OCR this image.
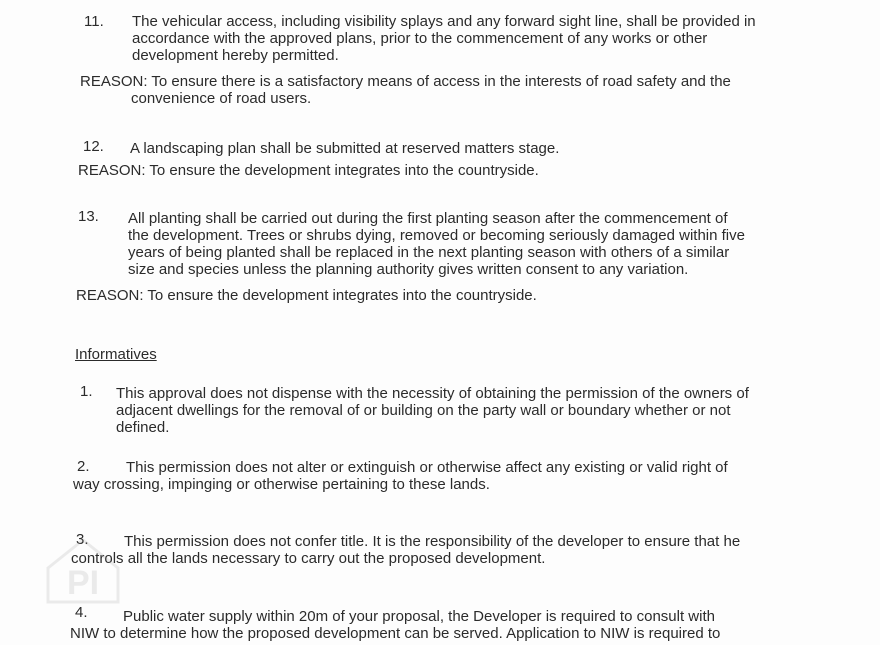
11. The vehicular access, including visibility splays and any forward sight line, shall be provided in
accordance with the approved plans, prior to the commencement of any works or other
development hereby permitted.
REASON: To ensure there is a satisfactory means of access in the interests of road safety and the
convenience of road users.
12. A landscaping plan shall be submitted at reserved matters stage.
REASON: To ensure the development integrates into the countryside.
13. All planting shall be carried out during the first planting season after the commencement of
the development. Trees or shrubs dying, removed or becoming seriously damaged within five
years of being planted shall be replaced in the next planting season with others of a similar
size and species unless the planning authority gives written consent to any variation.
REASON: To ensure the development integrates into the countryside.
Informatives
1. This approval does not dispense with the necessity of obtaining the permission of the owners of
adjacent dwellings for the removal of or building on the party wall or boundary whether or not
defined.
2.	This permission does not alter or extinguish or otherwise affect any existing or valid right of
way crossing, impinging or otherwise pertaining to these lands.
3.	This permission does not confer title. It is the responsibility of the developer to ensure that he
controls all the lands necessary to carry out the proposed development.
4.	Public water supply within 20m of your proposal, the Developer is required to consult with
NIW to determine how the proposed development can be served. Application to NIW is required to
PI
